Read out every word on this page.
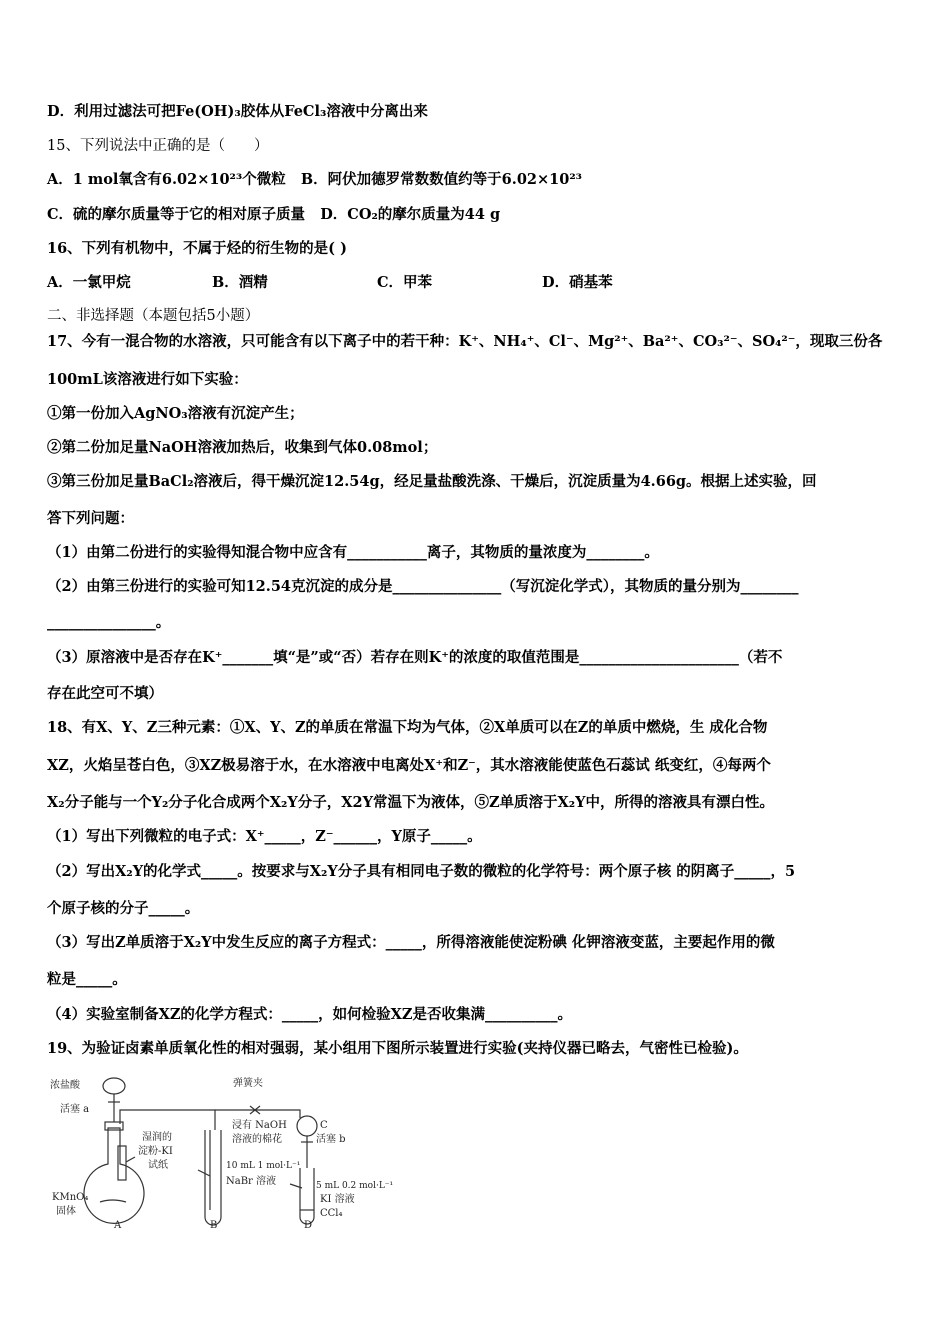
D．利用过滤法可把Fe(OH)₃胶体从FeCl₃溶液中分离出来
15、下列说法中正确的是（　　）
A．1 mol氧含有6.02×10²³个微粒 B．阿伏加德罗常数数值约等于6.02×10²³
C．硫的摩尔质量等于它的相对原子质量 D．CO₂的摩尔质量为44 g
16、下列有机物中，不属于烃的衍生物的是( )
A．一氯甲烷	B．酒精	C．甲苯	D．硝基苯
二、非选择题（本题包括5小题）
17、今有一混合物的水溶液，只可能含有以下离子中的若干种：K⁺、NH₄⁺、Cl⁻、Mg²⁺、Ba²⁺、CO₃²⁻、SO₄²⁻，现取三份各
100mL该溶液进行如下实验：
①第一份加入AgNO₃溶液有沉淀产生；
②第二份加足量NaOH溶液加热后，收集到气体0.08mol；
③第三份加足量BaCl₂溶液后，得干燥沉淀12.54g，经足量盐酸洗涤、干燥后，沉淀质量为4.66g。根据上述实验，回
答下列问题：
（1）由第二份进行的实验得知混合物中应含有___________离子，其物质的量浓度为________。
（2）由第三份进行的实验可知12.54克沉淀的成分是_______________（写沉淀化学式），其物质的量分别为________
_______________。
（3）原溶液中是否存在K⁺_______填“是”或“否）若存在则K⁺的浓度的取值范围是______________________（若不
存在此空可不填）
18、有X、Y、Z三种元素：①X、Y、Z的单质在常温下均为气体，②X单质可以在Z的单质中燃烧，生 成化合物
XZ，火焰呈苍白色，③XZ极易溶于水，在水溶液中电离处X⁺和Z⁻，其水溶液能使蓝色石蕊试 纸变红，④每两个
X₂分子能与一个Y₂分子化合成两个X₂Y分子，X2Y常温下为液体，⑤Z单质溶于X₂Y中，所得的溶液具有漂白性。
（1）写出下列微粒的电子式：X⁺_____，Z⁻______，Y原子_____。
（2）写出X₂Y的化学式_____。按要求与X₂Y分子具有相同电子数的微粒的化学符号：两个原子核 的阴离子_____，5
个原子核的分子_____。
（3）写出Z单质溶于X₂Y中发生反应的离子方程式：_____，所得溶液能使淀粉碘 化钾溶液变蓝，主要起作用的微
粒是_____。
（4）实验室制备XZ的化学方程式：_____，如何检验XZ是否收集满__________。
19、为验证卤素单质氧化性的相对强弱，某小组用下图所示装置进行实验(夹持仪器已略去，气密性已检验)。
浓盐酸
活塞 a
弹簧夹
湿润的
淀粉-KI
试纸
浸有 NaOH
溶液的棉花
C
活塞 b
10 mL 1 mol·L⁻¹
NaBr 溶液	5 mL 0.2 mol·L⁻¹
KI 溶液
CCl₄
KMnO₄
固体
A	B	D
